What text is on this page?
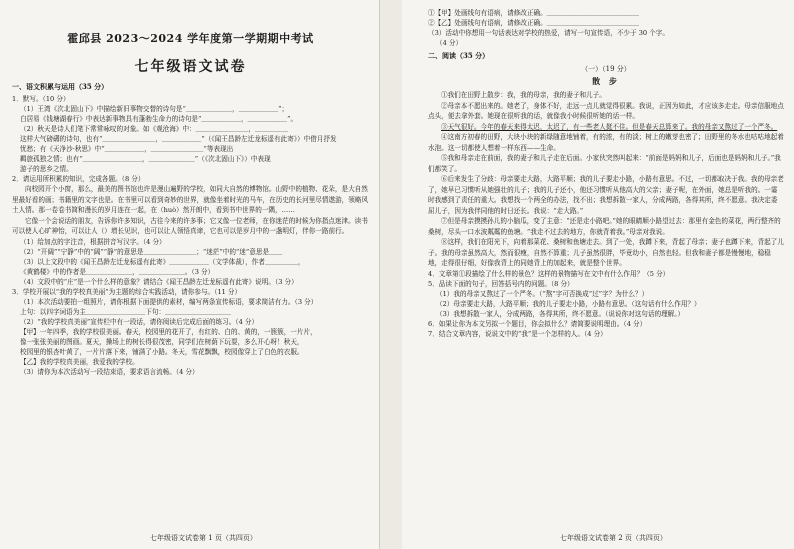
霍邱县 2023～2024 学年度第一学期期中考试
七年级语文试卷
一、语文积累与运用（35 分）
1．默写。（10 分）
（1）王湾《次北固山下》中描绘新旧事物交替的诗句是“＿＿＿＿＿＿＿，＿＿＿＿＿＿”；
白居易《钱塘湖春行》中表达新事物具有蓬勃生命力的诗句是“＿＿＿＿＿＿，＿＿＿＿＿＿”。
（2）秋天是诗人们笔下常常咏叹的对象。如《观沧海》中：＿＿＿＿＿＿＿＿，＿＿＿＿＿
这样大气磅礴的诗句，也有“＿＿＿＿＿＿＿＿，＿＿＿＿＿＿”（《闻王昌龄左迁龙标遥有此寄》）中借月抒发
忧愁；有《天净沙·秋思》中“＿＿＿＿＿＿，＿＿＿＿＿＿＿＿”等表现出
羁旅孤独之情；也有“＿＿＿＿＿＿＿＿＿，＿＿＿＿＿＿＿”（《次北固山下》）中表现
游子的思乡之情。
2．请运用所积累的知识，完成各题。（8 分）

向校园开个小窗，那么，最美的图书馆也许是漫山遍野的学校，如同大自然的博物馆。山野中的植物、花朵，是大自然里最好看的画；书籍里的文字也是。在书里可以看到奇妙的世界，就像坐着时光的马车，在历史的长河里尽情遨游，领略风土人情。那一卷卷书简和漫长的岁月连在一起，在（huò）然开朗中，看到书中世界的一隅，……

它像一个会说话的朋友，告诉你许多知识，古往今来的许多事；它又像一位老师，在你迷茫的时候为你指点迷津。读书可以使人心旷神怡，可以让人（）增长见识，也可以让人领悟真谛，它也可以是岁月中的一盏明灯，伴你一路前行。

（1）给加点的字注音，根据拼音写汉字。（4 分）
（2）“开阔”“宁静”中的“阔”“静”的意思是＿＿＿＿＿＿＿＿；“迷茫”中的“迷”意思是＿＿
（3）以上文段中的《闻王昌龄左迁龙标遥有此寄》＿＿＿＿＿＿（文学体裁），作者＿＿＿＿＿，
《黄鹤楼》中的作者是＿＿＿＿＿＿＿，＿＿＿＿＿＿＿。（3 分）
（4）文段中的“庄”是一个什么样的意象？请结合《闻王昌龄左迁龙标遥有此寄》说明。（3 分）
3．学校开展以“我的学校真美丽”为主题的综合实践活动，请你参与。（11 分）
（1）本次活动要拍一组照片，请你根据下面提供的素材，编写两条宣传标语，要求简洁有力。（3 分）
上句：以四字词语为主＿＿＿＿＿＿＿＿＿下句：＿＿＿＿＿＿＿＿＿＿
（2）“我的学校真美丽”宣传栏中有一段话，请你阅读后完成后面的练习。（4 分）
【甲】一年四季，我的学校很美丽。春天，校园里的花开了，有红的、白的、黄的，一簇簇，一片片，
像一张张美丽的图画。夏天，操场上的树长得很茂密，同学们在树荫下玩耍，多么开心呀！秋天，
校园里的银杏叶黄了，一片片落下来，铺满了小路。冬天，雪花飘飘，校园像穿上了白色的衣服。
【乙】我的学校真美丽，我爱我的学校。
（3）请你为本次活动写一段结束语，要求语言流畅。（4 分）
七年级语文试卷第 1 页（共四页）
①【甲】处画线句有语病，请修改正确。＿＿＿＿＿＿＿＿＿＿＿＿＿＿
②【乙】处画线句有语病，请修改正确。＿＿＿＿＿＿＿＿＿＿＿＿＿＿
（3）活动中你想用一句话表达对学校的热爱，请写一句宣传语，不少于 30 个字。
（4 分）
二、阅读（35 分）
（一）（19 分）
散 步

①我们在田野上散步：我，我的母亲，我的妻子和儿子。

②母亲本不愿出来的。她老了，身体不好，走远一点儿就觉得很累。我说，正因为如此，才应该多走走。母亲信服地点点头，便去拿外套。她现在很听我的话，就像我小时候很听她的话一样。

③天气很好。今年的春天来得太迟，太迟了，有一些老人挺不住。但是春天总算来了。我的母亲又熬过了一个严冬。

④这南方初春的田野，大块小块的新绿随意地铺着，有的浓，有的淡；树上的嫩芽也密了；田野里的冬水也咕咕地起着水泡。这一切都使人想着一样东西——生命。

⑤我和母亲走在前面，我的妻子和儿子走在后面。小家伙突然叫起来：“前面是妈妈和儿子，后面也是妈妈和儿子。”我们都笑了。

⑥后来发生了分歧：母亲要走大路，大路平顺；我的儿子要走小路，小路有意思。不过，一切都取决于我。我的母亲老了，她早已习惯听从她强壮的儿子；我的儿子还小，他还习惯听从他高大的父亲；妻子呢，在外面，她总是听我的。一霎时我感到了责任的重大。我想找一个两全的办法，找不出；我想拆散一家人，分成两路，各得其所，终不愿意。我决定委屈儿子，因为我伴同他的时日还长。我说：“走大路。”

⑦但是母亲摸摸孙儿的小脑瓜，变了主意：“还是走小路吧。”她的眼睛顺小路望过去：那里有金色的菜花，两行整齐的桑树，尽头一口水波粼粼的鱼塘。“我走不过去的地方，你就背着我。”母亲对我说。

⑧这样，我们在阳光下，向着那菜花、桑树和鱼塘走去。到了一处，我蹲下来，背起了母亲；妻子也蹲下来，背起了儿子。我的母亲虽然高大，然而很瘦，自然不算重；儿子虽然很胖，毕竟幼小，自然也轻。但我和妻子都是慢慢地，稳稳地，走得很仔细，好像我背上的同她背上的加起来，就是整个世界。

4．文章第①段描绘了什么样的景色？这样的景物描写在文中有什么作用？（5 分）
5．品读下面的句子，回答括号内的问题。（8 分）
（1）我的母亲又熬过了一个严冬。（“熬”字可否换成“过”字？为什么？）
（2）母亲要走大路，大路平顺；我的儿子要走小路，小路有意思。（这句话有什么作用？）
（3）我想拆散一家人，分成两路，各得其所，终不愿意。（说说你对这句话的理解。）
6．如果让你为本文另拟一个题目，你会拟什么？请简要说明理由。（4 分）
7．结合文章内容，说说文中的“我”是一个怎样的人。（4 分）
七年级语文试卷第 2 页（共四页）
